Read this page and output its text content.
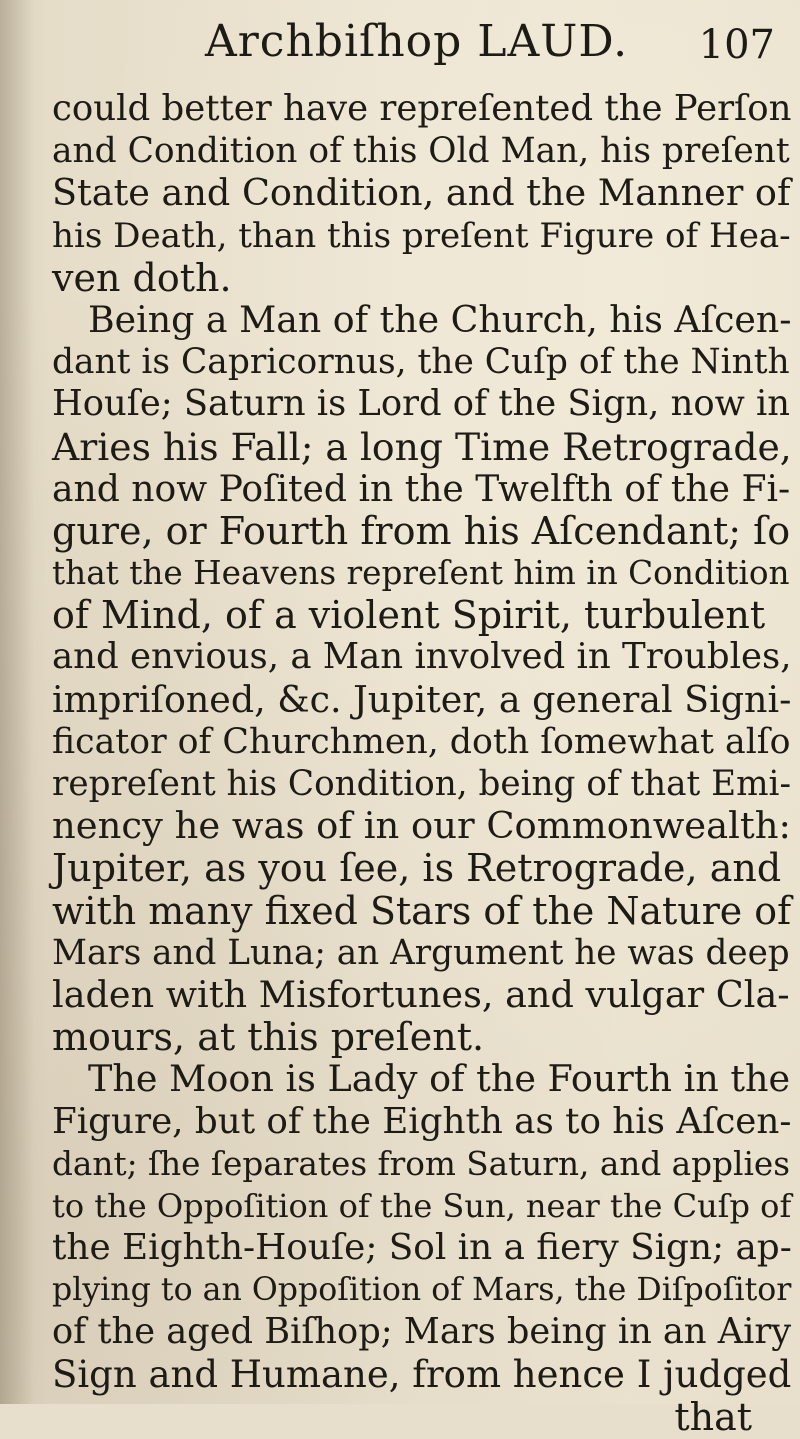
Archbiſhop LAUD. 107
could better have repreſented the Perſon
and Condition of this Old Man, his preſent
State and Condition, and the Manner of
his Death, than this preſent Figure of Hea-
ven doth.
Being a Man of the Church, his Aſcen-
dant is Capricornus, the Cuſp of the Ninth
Houſe; Saturn is Lord of the Sign, now in
Aries his Fall; a long Time Retrograde,
and now Poſited in the Twelfth of the Fi-
gure, or Fourth from his Aſcendant; ſo
that the Heavens repreſent him in Condition
of Mind, of a violent Spirit, turbulent
and envious, a Man involved in Troubles,
impriſoned, &c. Jupiter, a general Signi-
ficator of Churchmen, doth ſomewhat alſo
repreſent his Condition, being of that Emi-
nency he was of in our Commonwealth:
Jupiter, as you ſee, is Retrograde, and
with many fixed Stars of the Nature of
Mars and Luna; an Argument he was deep
laden with Misfortunes, and vulgar Cla-
mours, at this preſent.
The Moon is Lady of the Fourth in the
Figure, but of the Eighth as to his Aſcen-
dant; ſhe ſeparates from Saturn, and applies
to the Oppoſition of the Sun, near the Cuſp of
the Eighth-Houſe; Sol in a fiery Sign; ap-
plying to an Oppoſition of Mars, the Diſpoſitor
of the aged Biſhop; Mars being in an Airy
Sign and Humane, from hence I judged
that
